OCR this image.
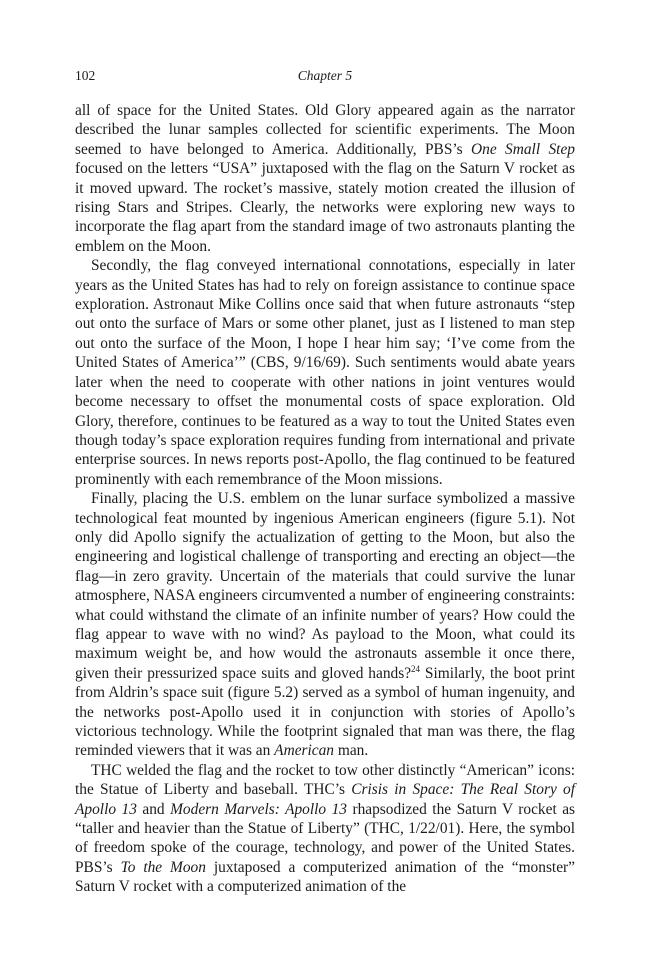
102	Chapter 5

all of space for the United States. Old Glory appeared again as the narrator described the lunar samples collected for scientific experiments. The Moon seemed to have belonged to America. Additionally, PBS’s One Small Step focused on the letters “USA” juxtaposed with the flag on the Saturn V rocket as it moved upward. The rocket’s massive, stately motion created the illusion of rising Stars and Stripes. Clearly, the networks were exploring new ways to incorporate the flag apart from the standard image of two astronauts planting the emblem on the Moon.

Secondly, the flag conveyed international connotations, especially in later years as the United States has had to rely on foreign assistance to continue space exploration. Astronaut Mike Collins once said that when future astronauts “step out onto the surface of Mars or some other planet, just as I listened to man step out onto the surface of the Moon, I hope I hear him say; ‘I’ve come from the United States of America’” (CBS, 9/16/69). Such sentiments would abate years later when the need to cooperate with other nations in joint ventures would become necessary to offset the monumental costs of space exploration. Old Glory, therefore, continues to be featured as a way to tout the United States even though today’s space exploration requires funding from international and private enterprise sources. In news reports post-Apollo, the flag continued to be featured prominently with each remembrance of the Moon missions.

Finally, placing the U.S. emblem on the lunar surface symbolized a massive technological feat mounted by ingenious American engineers (figure 5.1). Not only did Apollo signify the actualization of getting to the Moon, but also the engineering and logistical challenge of transporting and erecting an object—the flag—in zero gravity. Uncertain of the materials that could survive the lunar atmosphere, NASA engineers circumvented a number of engineering constraints: what could withstand the climate of an infinite number of years? How could the flag appear to wave with no wind? As payload to the Moon, what could its maximum weight be, and how would the astronauts assemble it once there, given their pressurized space suits and gloved hands?$^{24}$ Similarly, the boot print from Aldrin’s space suit (figure 5.2) served as a symbol of human ingenuity, and the networks post-Apollo used it in conjunction with stories of Apollo’s victorious technology. While the footprint signaled that man was there, the flag reminded viewers that it was an American man.

THC welded the flag and the rocket to tow other distinctly “American” icons: the Statue of Liberty and baseball. THC’s Crisis in Space: The Real Story of Apollo 13 and Modern Marvels: Apollo 13 rhapsodized the Saturn V rocket as “taller and heavier than the Statue of Liberty” (THC, 1/22/01). Here, the symbol of freedom spoke of the courage, technology, and power of the United States. PBS’s To the Moon juxtaposed a computerized animation of the “monster” Saturn V rocket with a computerized animation of the
